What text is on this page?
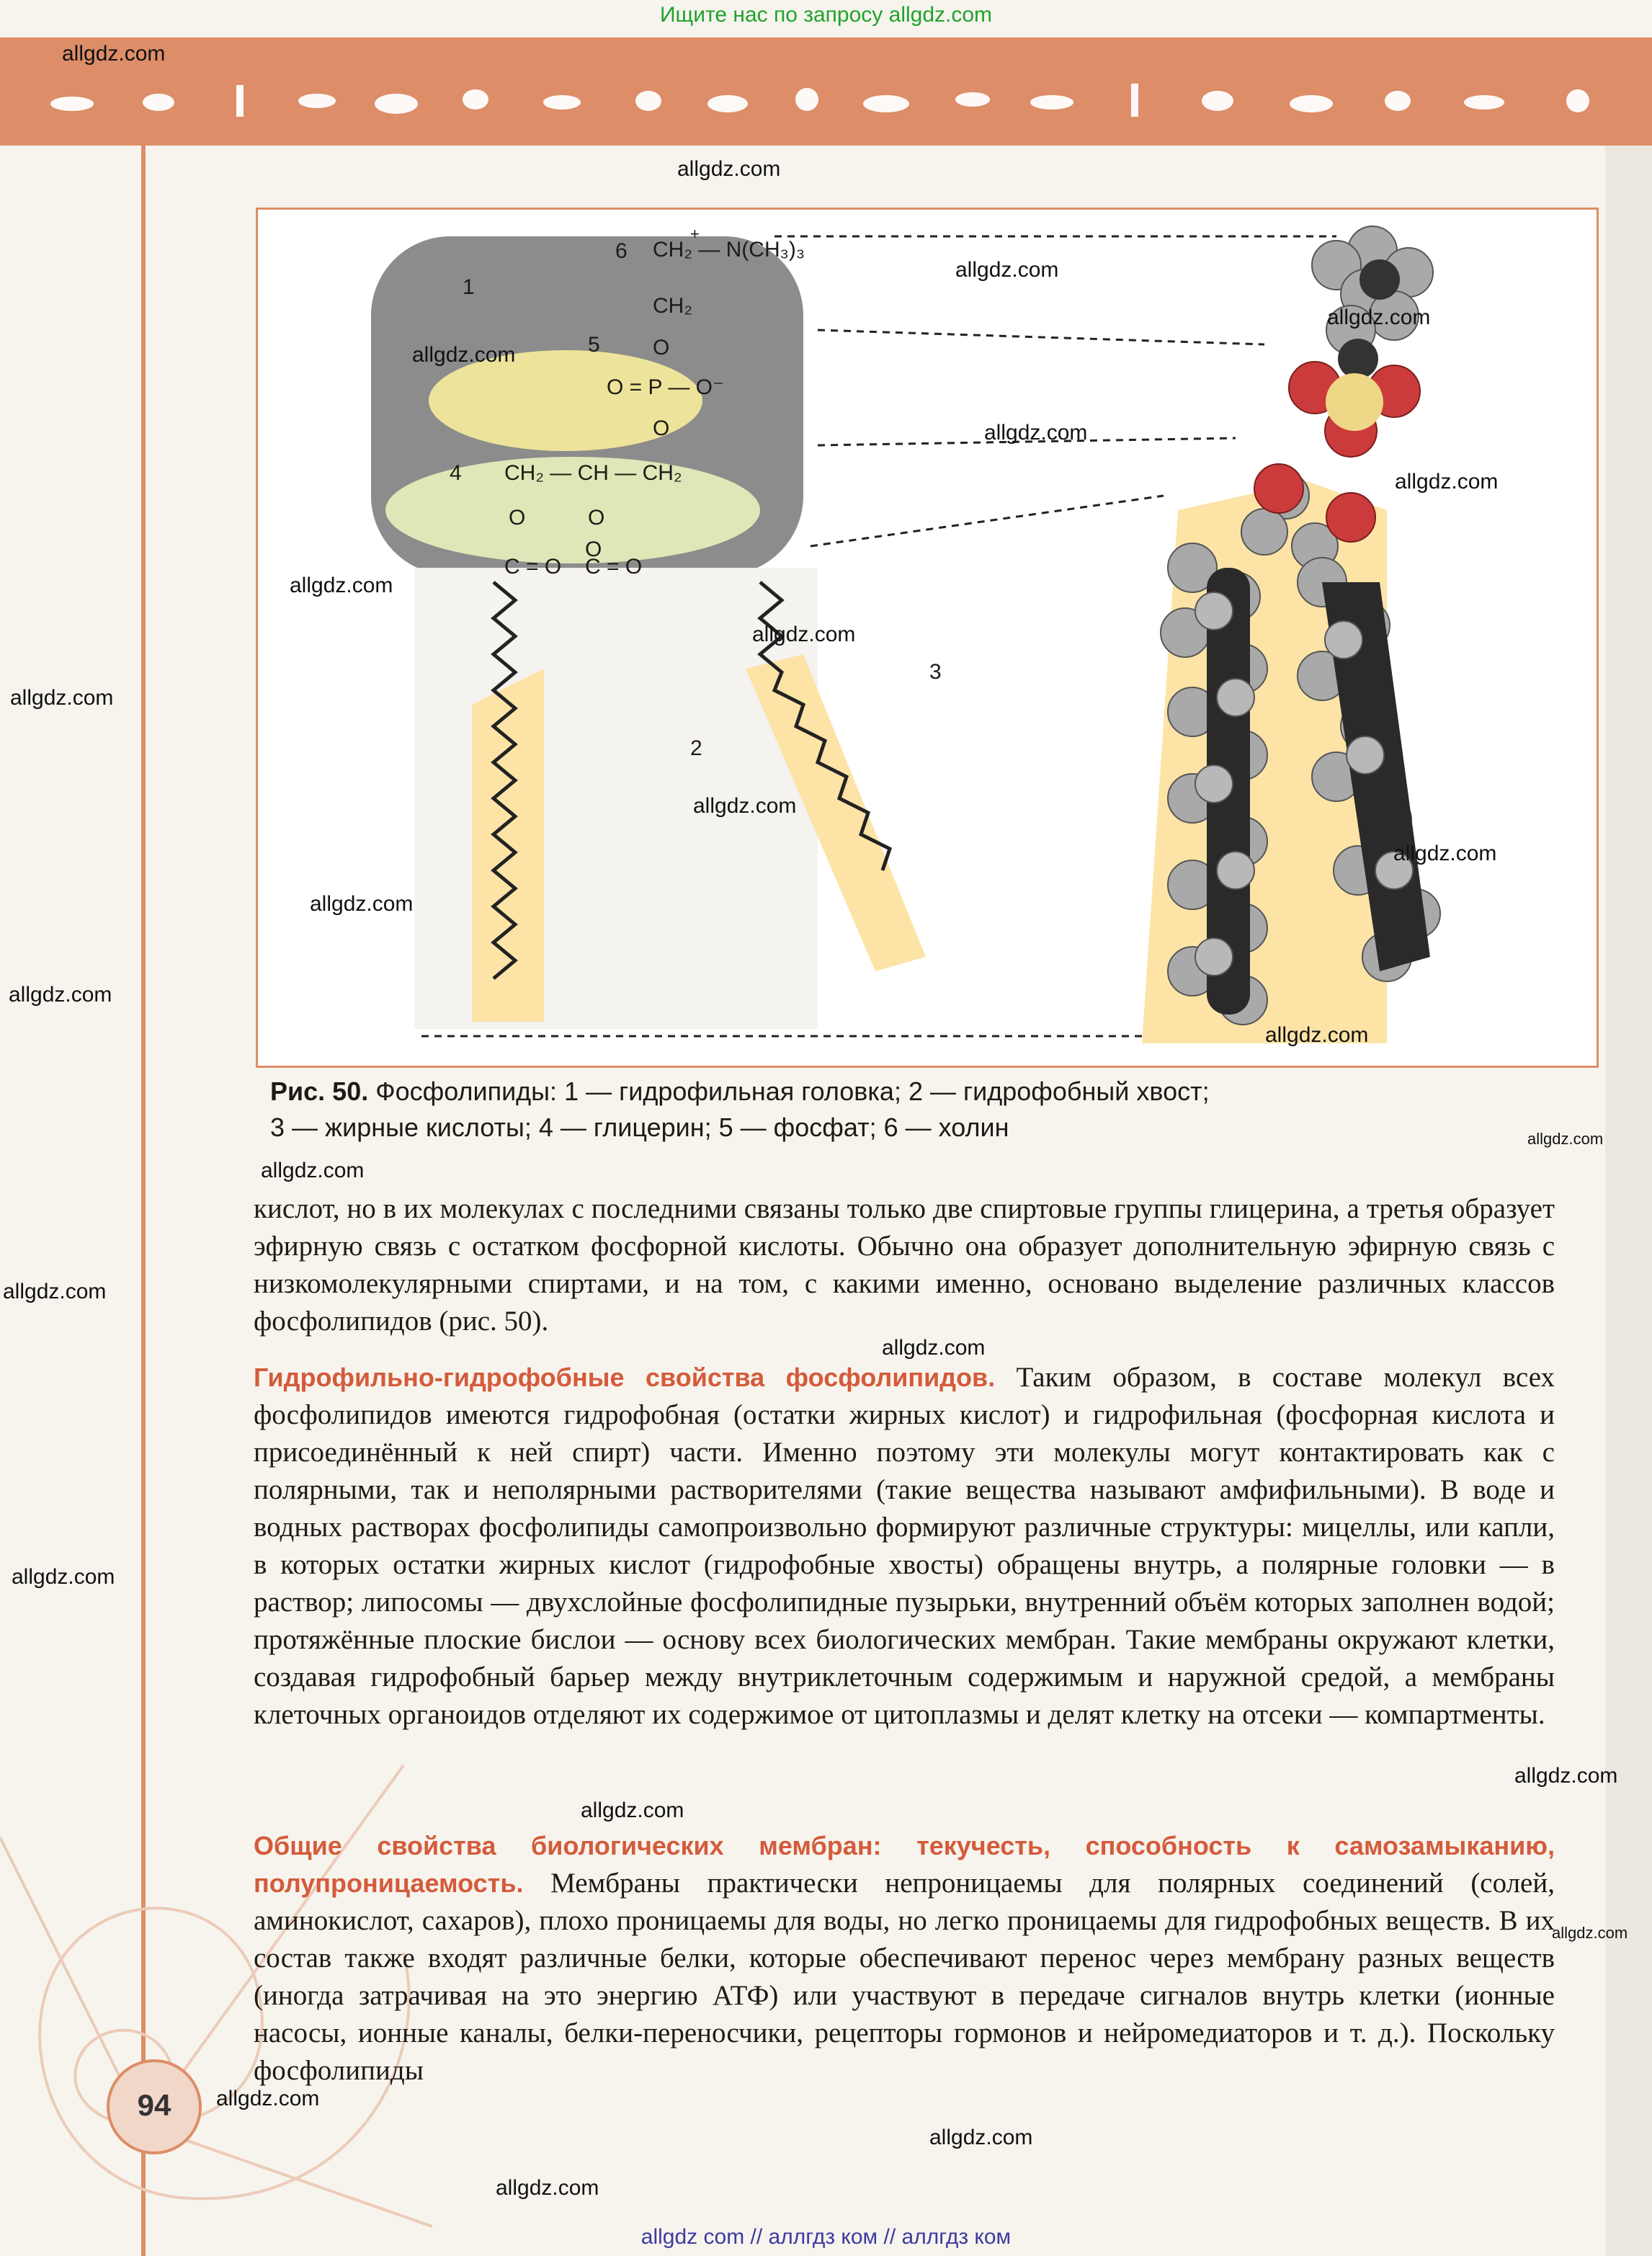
Ищите нас по запросу allgdz.com
CH₂ — N(CH₃)₃
+
CH₂
O
O = P — O⁻
O
CH₂ — CH — CH₂
O	O
O
C = O C = O
1
2
3
4
5
6
Рис. 50. Фосфолипиды: 1 — гидрофильная головка; 2 — гидрофобный хвост;
3 — жирные кислоты; 4 — глицерин; 5 — фосфат; 6 — холин
кислот, но в их молекулах с последними связаны только две спиртовые группы глицерина, а третья образует эфирную связь с остатком фосфорной кислоты. Обычно она образует дополнительную эфирную связь с низкомолекулярными спиртами, и на том, с какими именно, основано выделение различных классов фосфолипидов (рис. 50).
Гидрофильно-гидрофобные свойства фосфолипидов. Таким образом, в составе молекул всех фосфолипидов имеются гидрофобная (остатки жирных кислот) и гидрофильная (фосфорная кислота и присоединённый к ней спирт) части. Именно поэтому эти молекулы могут контактировать как с полярными, так и неполярными растворителями (такие вещества называют амфифильными). В воде и водных растворах фосфолипиды самопроизвольно формируют различные структуры: мицеллы, или капли, в которых остатки жирных кислот (гидрофобные хвосты) обращены внутрь, а полярные головки — в раствор; липосомы — двухслойные фосфолипидные пузырьки, внутренний объём которых заполнен водой; протяжённые плоские бислои — основу всех биологических мембран. Такие мембраны окружают клетки, создавая гидрофобный барьер между внутриклеточным содержимым и наружной средой, а мембраны клеточных органоидов отделяют их содержимое от цитоплазмы и делят клетку на отсеки — компартменты.
Общие свойства биологических мембран: текучесть, способность к самозамыканию, полупроницаемость. Мембраны практически непроницаемы для полярных соединений (солей, аминокислот, сахаров), плохо проницаемы для воды, но легко проницаемы для гидрофобных веществ. В их состав также входят различные белки, которые обеспечивают перенос через мембрану разных веществ (иногда затрачивая на это энергию АТФ) или участвуют в передаче сигналов внутрь клетки (ионные насосы, ионные каналы, белки-переносчики, рецепторы гормонов и нейромедиаторов и т. д.). Поскольку фосфолипиды
94
allgdz.com
allgdz.com
allgdz.com
allgdz.com
allgdz.com
allgdz.com
allgdz.com
allgdz.com
allgdz.com
allgdz.com
allgdz.com
allgdz.com
allgdz.com
allgdz.com
allgdz.com
allgdz.com
allgdz.com
allgdz.com
allgdz.com
allgdz.com
allgdz.com
allgdz.com
allgdz.com
allgdz.com
allgdz.com
allgdz.com
allgdz com // аллгдз ком // аллгдз ком
